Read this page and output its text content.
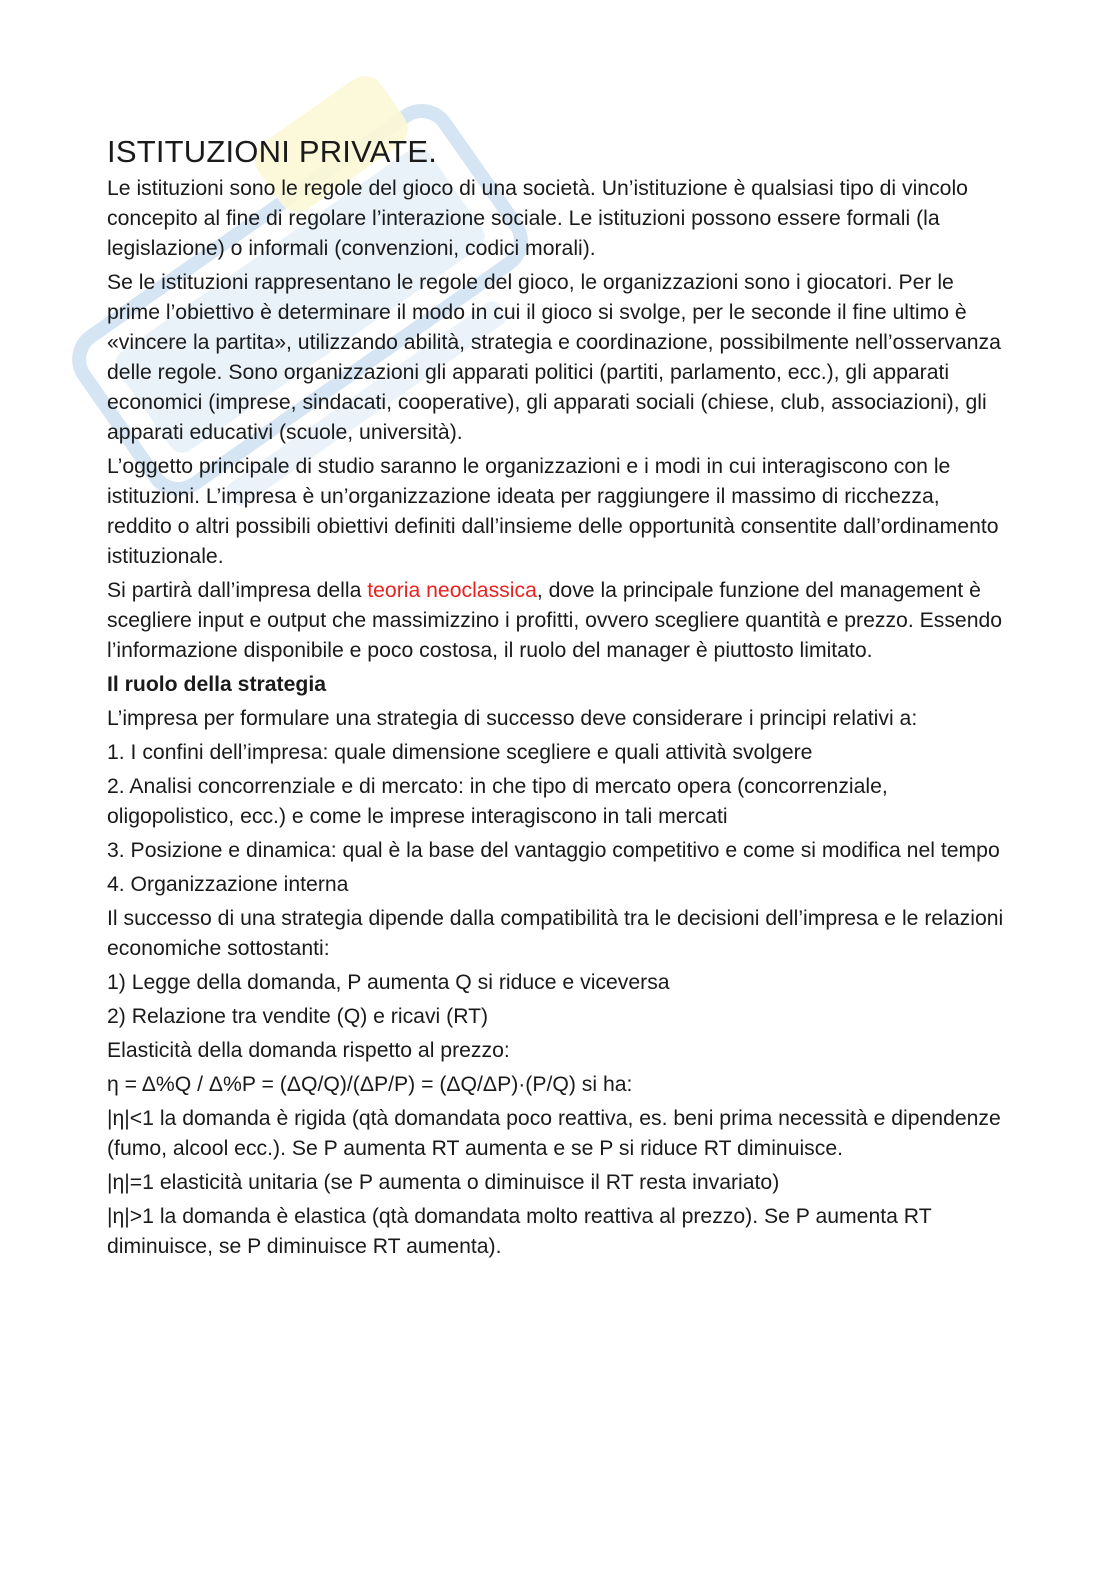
ISTITUZIONI PRIVATE.

Le istituzioni sono le regole del gioco di una società. Un’istituzione è qualsiasi tipo di vincolo concepito al fine di regolare l’interazione sociale. Le istituzioni possono essere formali (la legislazione) o informali (convenzioni, codici morali).

Se le istituzioni rappresentano le regole del gioco, le organizzazioni sono i giocatori. Per le prime l’obiettivo è determinare il modo in cui il gioco si svolge, per le seconde il fine ultimo è «vincere la partita», utilizzando abilità, strategia e coordinazione, possibilmente nell’osservanza delle regole. Sono organizzazioni gli apparati politici (partiti, parlamento, ecc.), gli apparati economici (imprese, sindacati, cooperative), gli apparati sociali (chiese, club, associazioni), gli apparati educativi (scuole, università).

L’oggetto principale di studio saranno le organizzazioni e i modi in cui interagiscono con le istituzioni. L’impresa è un’organizzazione ideata per raggiungere il massimo di ricchezza, reddito o altri possibili obiettivi definiti dall’insieme delle opportunità consentite dall’ordinamento istituzionale.

Si partirà dall’impresa della teoria neoclassica, dove la principale funzione del management è scegliere input e output che massimizzino i profitti, ovvero scegliere quantità e prezzo. Essendo l’informazione disponibile e poco costosa, il ruolo del manager è piuttosto limitato.

Il ruolo della strategia

L’impresa per formulare una strategia di successo deve considerare i principi relativi a:

1. I confini dell’impresa: quale dimensione scegliere e quali attività svolgere

2. Analisi concorrenziale e di mercato: in che tipo di mercato opera (concorrenziale, oligopolistico, ecc.) e come le imprese interagiscono in tali mercati

3. Posizione e dinamica: qual è la base del vantaggio competitivo e come si modifica nel tempo

4. Organizzazione interna

Il successo di una strategia dipende dalla compatibilità tra le decisioni dell’impresa e le relazioni economiche sottostanti:

1) Legge della domanda, P aumenta Q si riduce e viceversa

2) Relazione tra vendite (Q) e ricavi (RT)

Elasticità della domanda rispetto al prezzo:

η = Δ%Q / Δ%P = (ΔQ/Q)/(ΔP/P) = (ΔQ/ΔP)·(P/Q) si ha:

|η|<1 la domanda è rigida (qtà domandata poco reattiva, es. beni prima necessità e dipendenze (fumo, alcool ecc.). Se P aumenta RT aumenta e se P si riduce RT diminuisce.

|η|=1 elasticità unitaria (se P aumenta o diminuisce il RT resta invariato)

|η|>1 la domanda è elastica (qtà domandata molto reattiva al prezzo). Se P aumenta RT diminuisce, se P diminuisce RT aumenta).
